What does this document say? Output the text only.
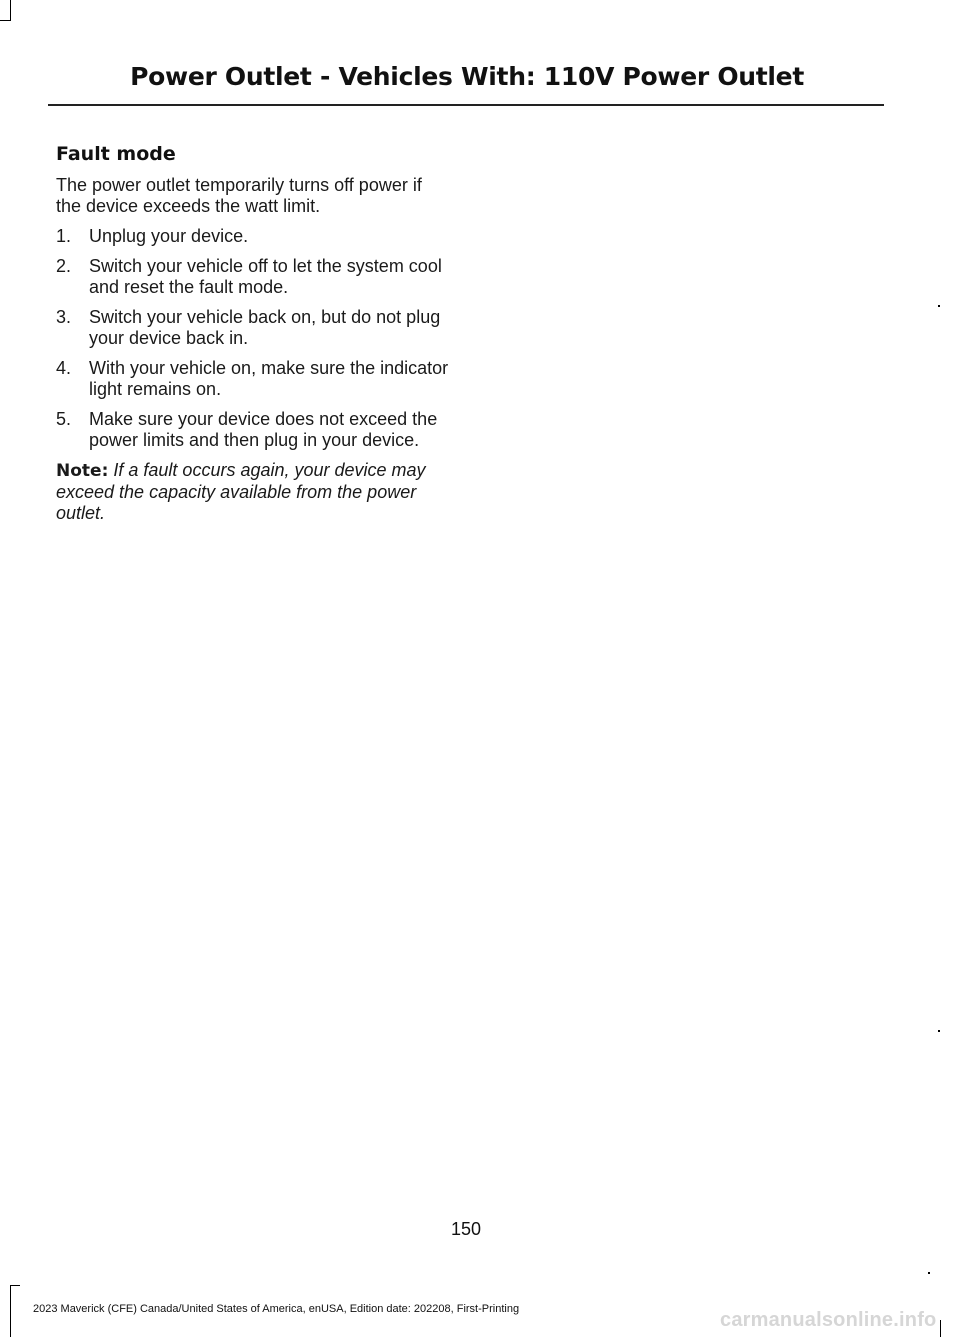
Power Outlet - Vehicles With: 110V Power Outlet
Fault mode

The power outlet temporarily turns off power if the device exceeds the watt limit.

1. Unplug your device.
2. Switch your vehicle off to let the system cool and reset the fault mode.
3. Switch your vehicle back on, but do not plug your device back in.
4. With your vehicle on, make sure the indicator light remains on.
5. Make sure your device does not exceed the power limits and then plug in your device.

Note: If a fault occurs again, your device may exceed the capacity available from the power outlet.

150
2023 Maverick (CFE) Canada/United States of America, enUSA, Edition date: 202208, First-Printing	carmanualsonline.info
